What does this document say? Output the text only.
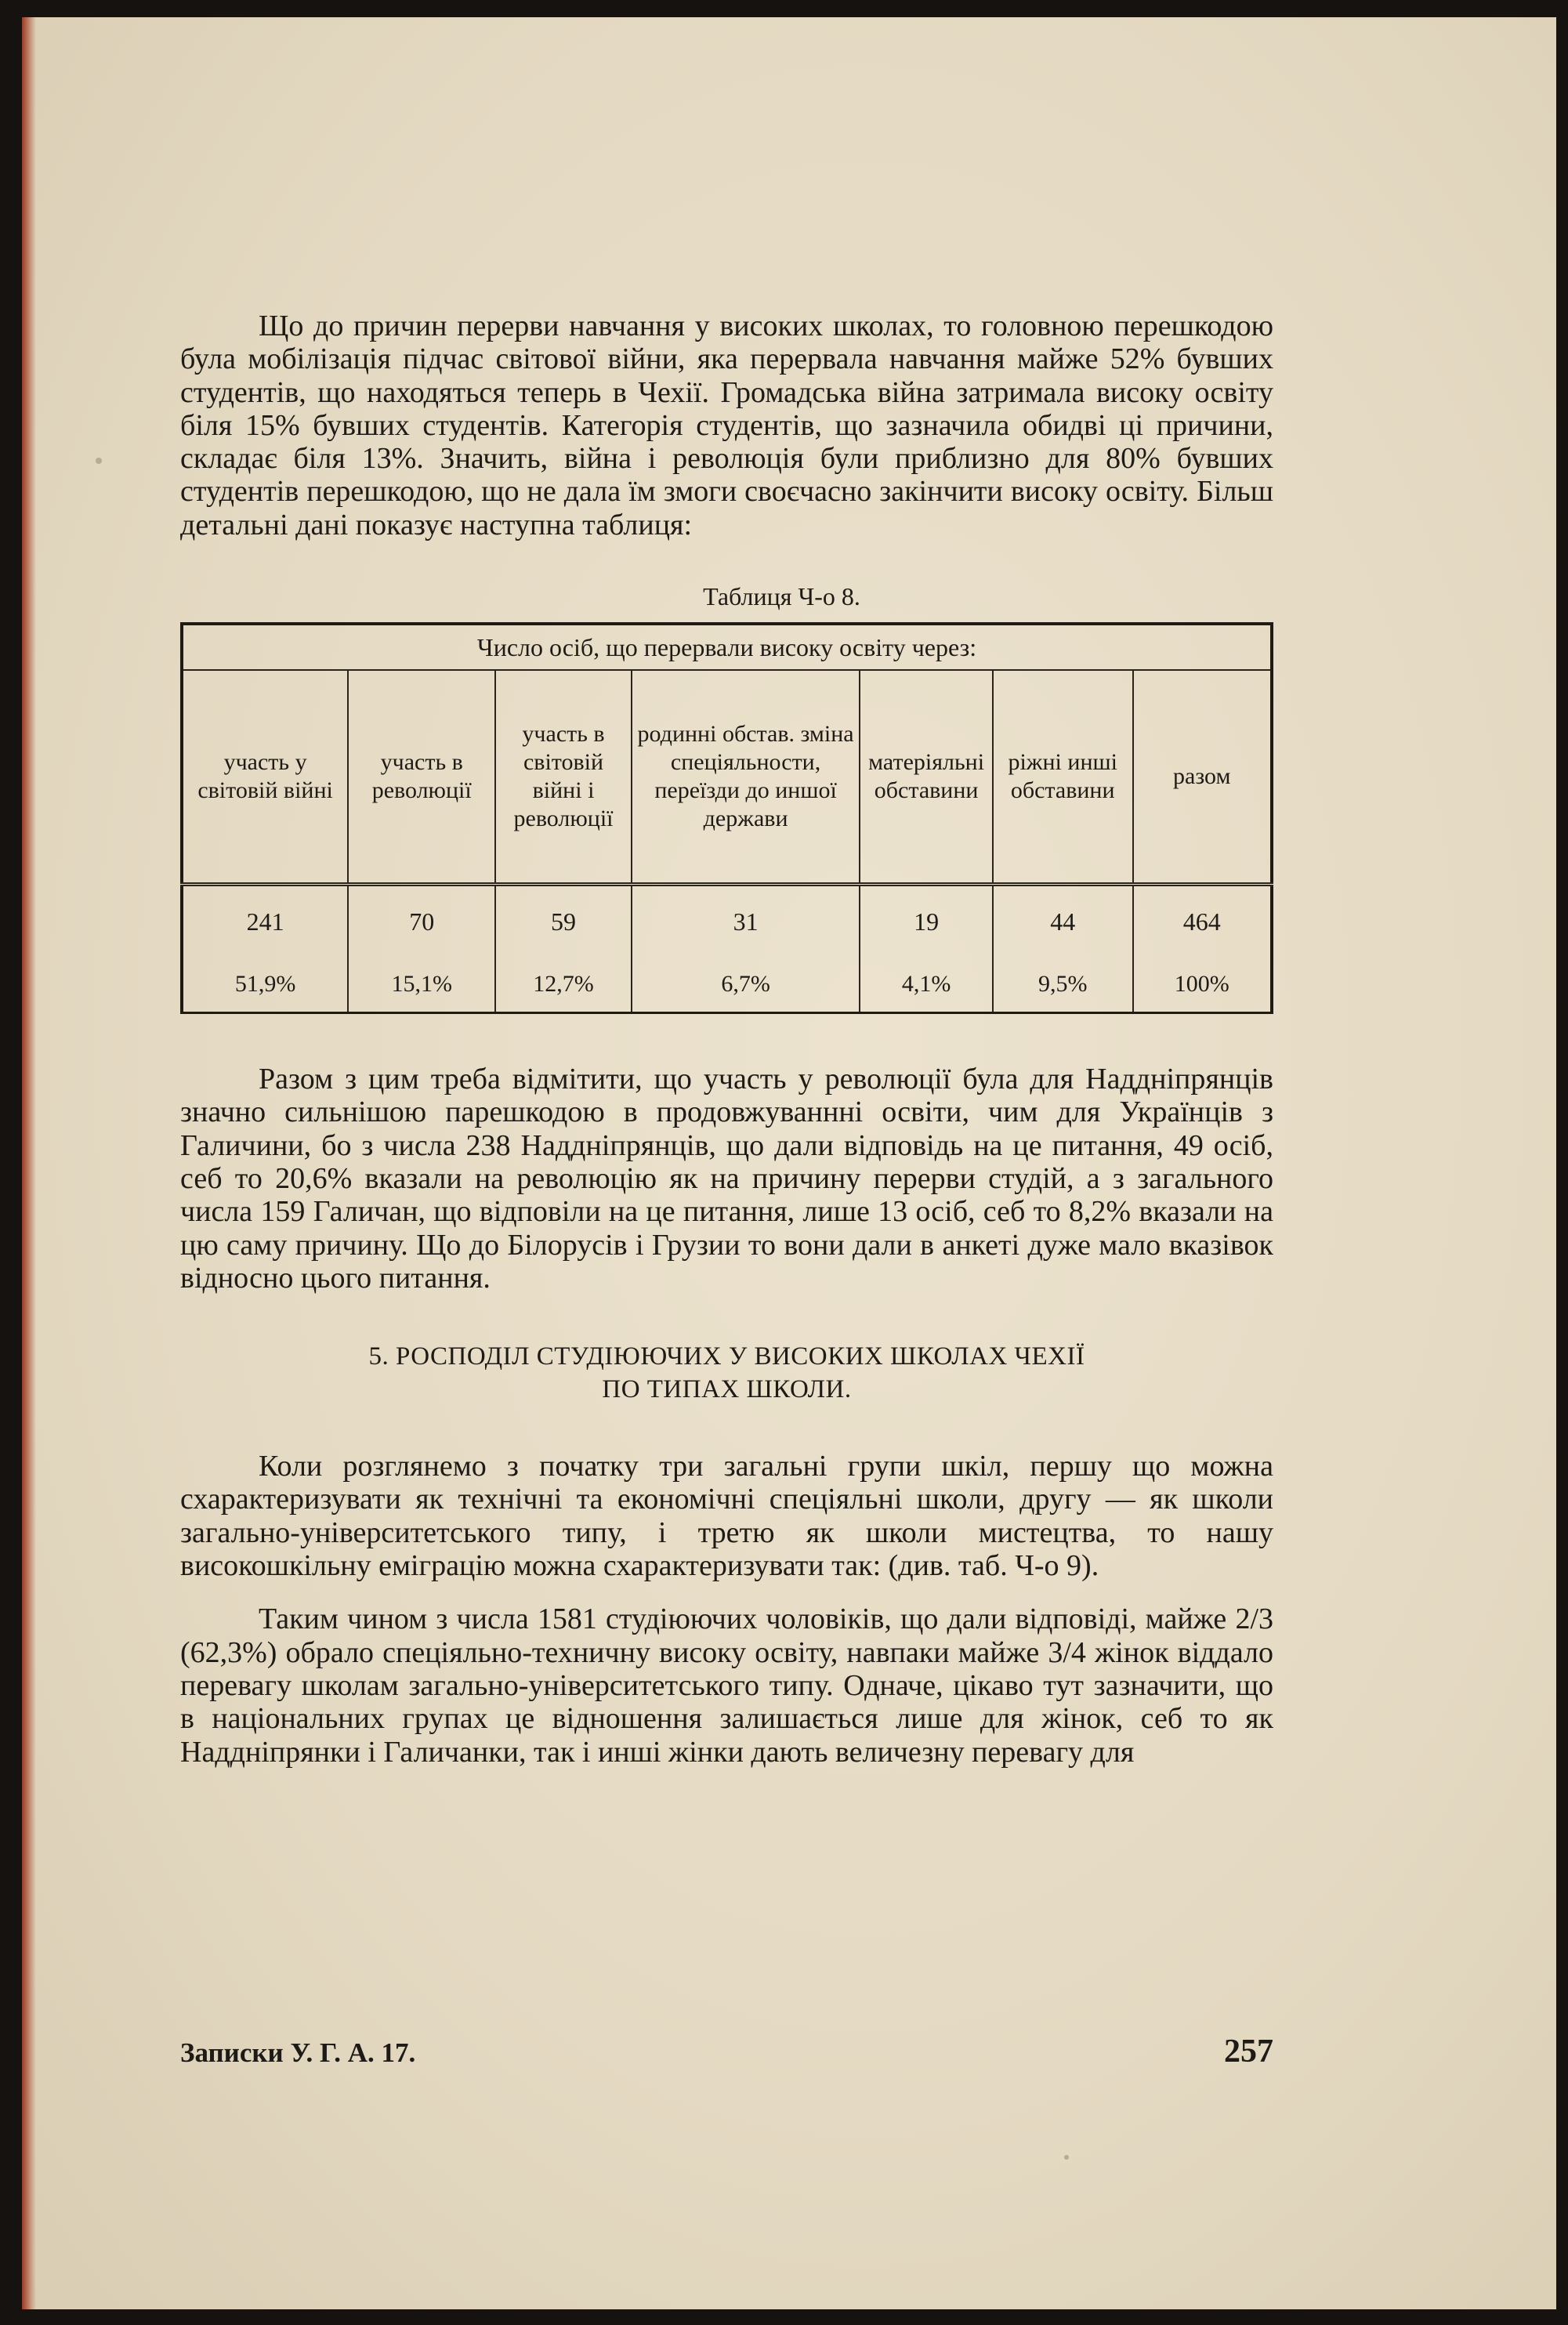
Що до причин перерви навчання у високих школах, то головною перешкодою була мобілізація підчас світової війни, яка перервала навчання майже 52% бувших студентів, що находяться теперь в Чехії. Громадська війна затримала високу освіту біля 15% бувших студентів. Категорія студентів, що зазначила обидві ці причини, складає біля 13%. Значить, війна і революція були приблизно для 80% бувших студентів перешкодою, що не дала їм змоги своєчасно закінчити високу освіту. Більш детальні дані показує наступна таблиця:

Таблиця Ч-о 8.
Число осіб, що перервали високу освіту через:						
участь у світовій війні	участь в революції	участь в світовій війні і революції	родинні обстав. зміна спеціяльности, переїзди до иншої держави	матеріяльні обставини	ріжні инші обставини	разом
241	70	59	31	19	44	464
51,9%	15,1%	12,7%	6,7%	4,1%	9,5%	100%

Разом з цим треба відмітити, що участь у революції була для Наддніпрянців значно сильнішою парешкодою в продовжуваннні освіти, чим для Українців з Галичини, бо з числа 238 Наддніпрянців, що дали відповідь на це питання, 49 осіб, себ то 20,6% вказали на революцію як на причину перерви студій, а з загального числа 159 Галичан, що відповіли на це питання, лише 13 осіб, себ то 8,2% вказали на цю саму причину. Що до Білорусів і Грузии то вони дали в анкеті дуже мало вказівок відносно цього питання.

5. РОСПОДІЛ СТУДІЮЮЧИХ У ВИСОКИХ ШКОЛАХ ЧЕХІЇ
ПО ТИПАХ ШКОЛИ.

Коли розглянемо з початку три загальні групи шкіл, першу що можна схарактеризувати як технічні та економічні спеціяльні школи, другу — як школи загально-університетського типу, і третю як школи мистецтва, то нашу високошкільну еміграцію можна схарактеризувати так: (див. таб. Ч-о 9).

Таким чином з числа 1581 студіюючих чоловіків, що дали відповіді, майже 2/3 (62,3%) обрало спеціяльно-техничну високу освіту, навпаки майже 3/4 жінок віддало перевагу школам загально-університетського типу. Одначе, цікаво тут зазначити, що в національних групах це відношення залишається лише для жінок, себ то як Наддніпрянки і Галичанки, так і инші жінки дають величезну перевагу для

Записки У. Г. А. 17.	257
